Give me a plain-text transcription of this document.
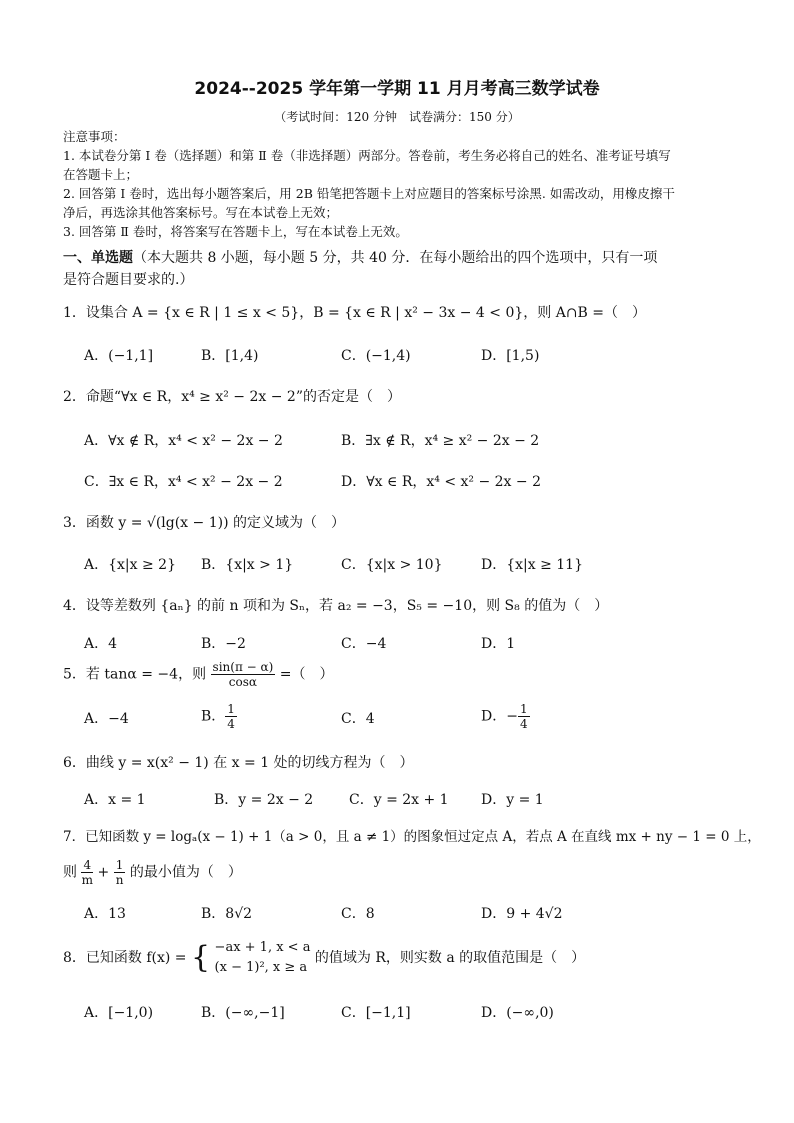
2024--2025 学年第一学期 11 月月考高三数学试卷
（考试时间：120 分钟　试卷满分：150 分）
注意事项：
1. 本试卷分第 Ⅰ 卷（选择题）和第 Ⅱ 卷（非选择题）两部分。答卷前，考生务必将自己的姓名、准考证号填写
在答题卡上；
2. 回答第 Ⅰ 卷时，选出每小题答案后，用 2B 铅笔把答题卡上对应题目的答案标号涂黑. 如需改动，用橡皮擦干
净后，再选涂其他答案标号。写在本试卷上无效；
3. 回答第 Ⅱ 卷时，将答案写在答题卡上，写在本试卷上无效。
一、单选题（本大题共 8 小题，每小题 5 分，共 40 分．在每小题给出的四个选项中，只有一项
是符合题目要求的.）
1．设集合 A = {x ∈ R | 1 ≤ x < 5}，B = {x ∈ R | x² − 3x − 4 < 0}，则 A∩B =（　）
A．(−1,1]	B．[1,4)	C．(−1,4)	D．[1,5)
2．命题“∀x ∈ R，x⁴ ≥ x² − 2x − 2”的否定是（　）
A．∀x ∉ R，x⁴ < x² − 2x − 2	B．∃x ∉ R，x⁴ ≥ x² − 2x − 2
C．∃x ∈ R，x⁴ < x² − 2x − 2	D．∀x ∈ R，x⁴ < x² − 2x − 2
3．函数 y = √(lg(x − 1)) 的定义域为（　）
A．{x|x ≥ 2} B．{x|x > 1}	C．{x|x > 10}	D．{x|x ≥ 11}
4．设等差数列 {aₙ} 的前 n 项和为 Sₙ，若 a₂ = −3，S₅ = −10，则 S₈ 的值为（　）
A．4	B．−2	C．−4	D．1
5．若 tanα = −4，则 $\frac{\sin(\pi - \alpha)}{\cos\alpha}$ =（　）
A．−4	B． $\frac{1}{4}$	C．4	D．− $\frac{1}{4}$
6．曲线 y = x(x² − 1) 在 x = 1 处的切线方程为（　）
A．x = 1	B．y = 2x − 2	C．y = 2x + 1 D．y = 1
7．已知函数 y = logₐ(x − 1) + 1（a > 0，且 a ≠ 1）的图象恒过定点 A，若点 A 在直线 mx + ny − 1 = 0 上，
则 $\frac{4}{m} + \frac{1}{n}$ 的最小值为（　）
A．13	B．8√2	C．8	D．9 + 4√2
8．已知函数 f(x) = { −ax + 1, x < a
(x − 1)², x ≥ a
的值域为 R，则实数 a 的取值范围是（　）
A．[−1,0)	B．(−∞,−1]	C．[−1,1]	D．(−∞,0)
